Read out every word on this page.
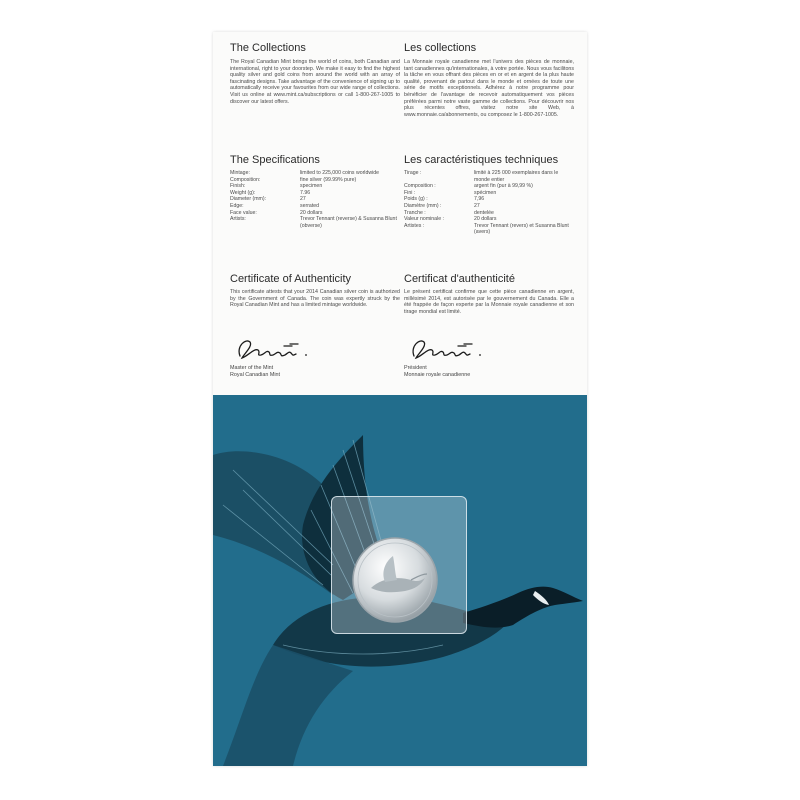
The Collections
The Royal Canadian Mint brings the world of coins, both Canadian and international, right to your doorstep. We make it easy to find the highest quality silver and gold coins from around the world with an array of fascinating designs. Take advantage of the convenience of signing up to automatically receive your favourites from our wide range of collections. Visit us online at www.mint.ca/subscriptions or call 1-800-267-1005 to discover our latest offers.
The Specifications
Mintage:	limited to 225,000 coins worldwide
Composition:	fine silver (99.99% pure)
Finish:	specimen
Weight (g):	7.96
Diameter (mm):	27
Edge:	serrated
Face value:	20 dollars
Artists:	Trevor Tennant (reverse) & Susanna Blunt (obverse)
Certificate of Authenticity
This certificate attests that your 2014 Canadian silver coin is authorized by the Government of Canada. The coin was expertly struck by the Royal Canadian Mint and has a limited mintage worldwide.
Master of the Mint
Royal Canadian Mint
Les collections
La Monnaie royale canadienne met l'univers des pièces de monnaie, tant canadiennes qu'internationales, à votre portée. Nous vous facilitons la tâche en vous offrant des pièces en or et en argent de la plus haute qualité, provenant de partout dans le monde et ornées de toute une série de motifs exceptionnels. Adhérez à notre programme pour bénéficier de l'avantage de recevoir automatiquement vos pièces préférées parmi notre vaste gamme de collections. Pour découvrir nos plus récentes offres, visitez notre site Web, à www.monnaie.ca/abonnements, ou composez le 1-800-267-1005.
Les caractéristiques techniques
Tirage :	limité à 225 000 exemplaires dans le monde entier
Composition :	argent fin (pur à 99,99 %)
Fini :	spécimen
Poids (g) :	7,96
Diamètre (mm) :	27
Tranche :	dentelée
Valeur nominale :	20 dollars
Artistes :	Trevor Tennant (revers) et Susanna Blunt (avers)
Certificat d'authenticité
Le présent certificat confirme que cette pièce canadienne en argent, millésimé 2014, est autorisée par le gouvernement du Canada. Elle a été frappée de façon experte par la Monnaie royale canadienne et son tirage mondial est limité.
Président
Monnaie royale canadienne
